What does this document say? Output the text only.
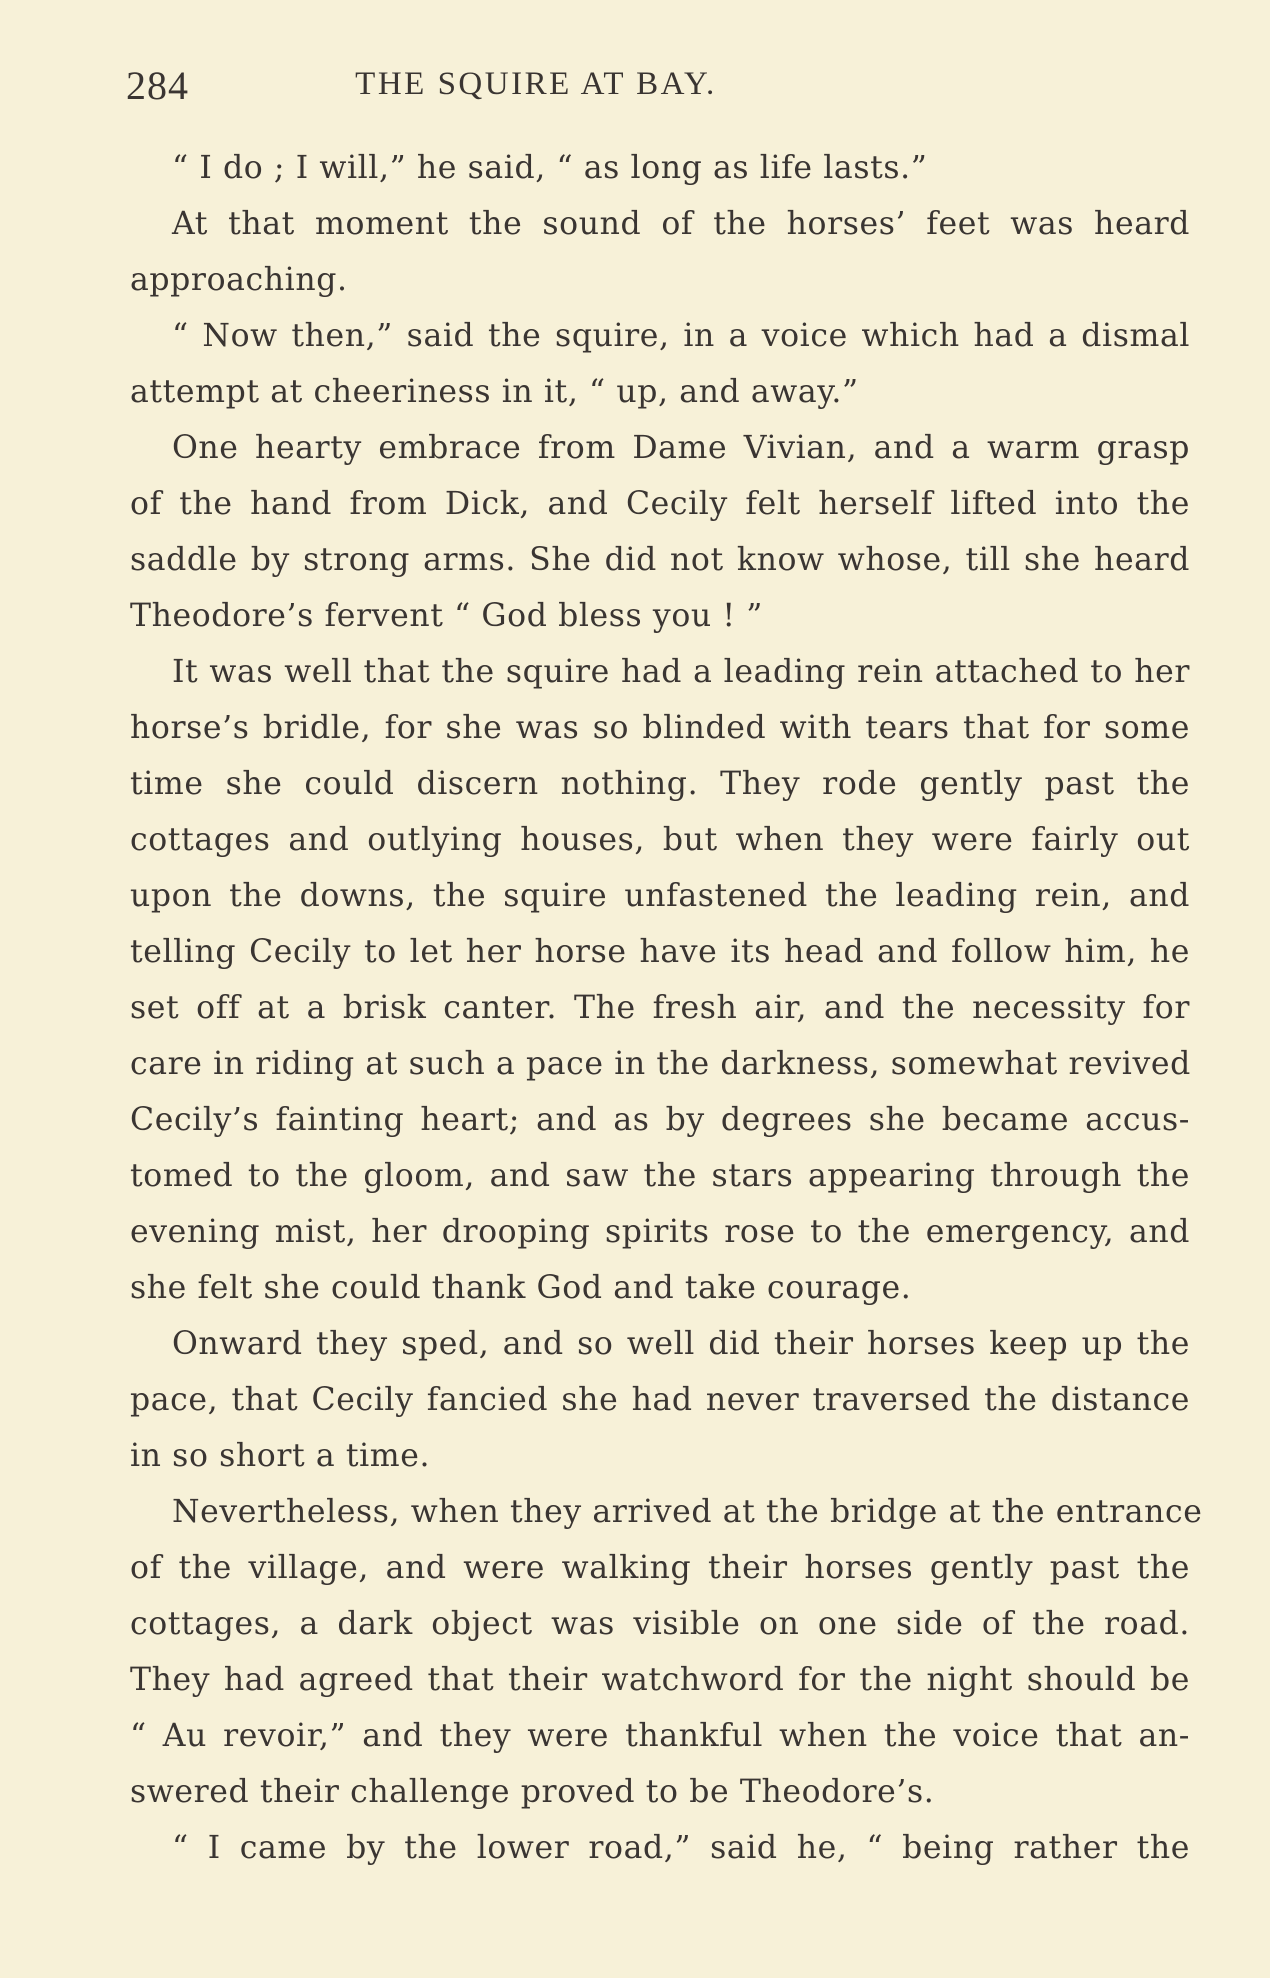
284	THE SQUIRE AT BAY.
“ I do ; I will,” he said, “ as long as life lasts.”
At that moment the sound of the horses’ feet was heard
approaching.
“ Now then,” said the squire, in a voice which had a dismal
attempt at cheeriness in it, “ up, and away.”
One hearty embrace from Dame Vivian, and a warm grasp
of the hand from Dick, and Cecily felt herself lifted into the
saddle by strong arms. She did not know whose, till she heard
Theodore’s fervent “ God bless you ! ”
It was well that the squire had a leading rein attached to her
horse’s bridle, for she was so blinded with tears that for some
time she could discern nothing. They rode gently past the
cottages and outlying houses, but when they were fairly out
upon the downs, the squire unfastened the leading rein, and
telling Cecily to let her horse have its head and follow him, he
set off at a brisk canter. The fresh air, and the necessity for
care in riding at such a pace in the darkness, somewhat revived
Cecily’s fainting heart; and as by degrees she became accus-
tomed to the gloom, and saw the stars appearing through the
evening mist, her drooping spirits rose to the emergency, and
she felt she could thank God and take courage.
Onward they sped, and so well did their horses keep up the
pace, that Cecily fancied she had never traversed the distance
in so short a time.
Nevertheless, when they arrived at the bridge at the entrance
of the village, and were walking their horses gently past the
cottages, a dark object was visible on one side of the road.
They had agreed that their watchword for the night should be
“ Au revoir,” and they were thankful when the voice that an-
swered their challenge proved to be Theodore’s.
“ I came by the lower road,” said he, “ being rather the
